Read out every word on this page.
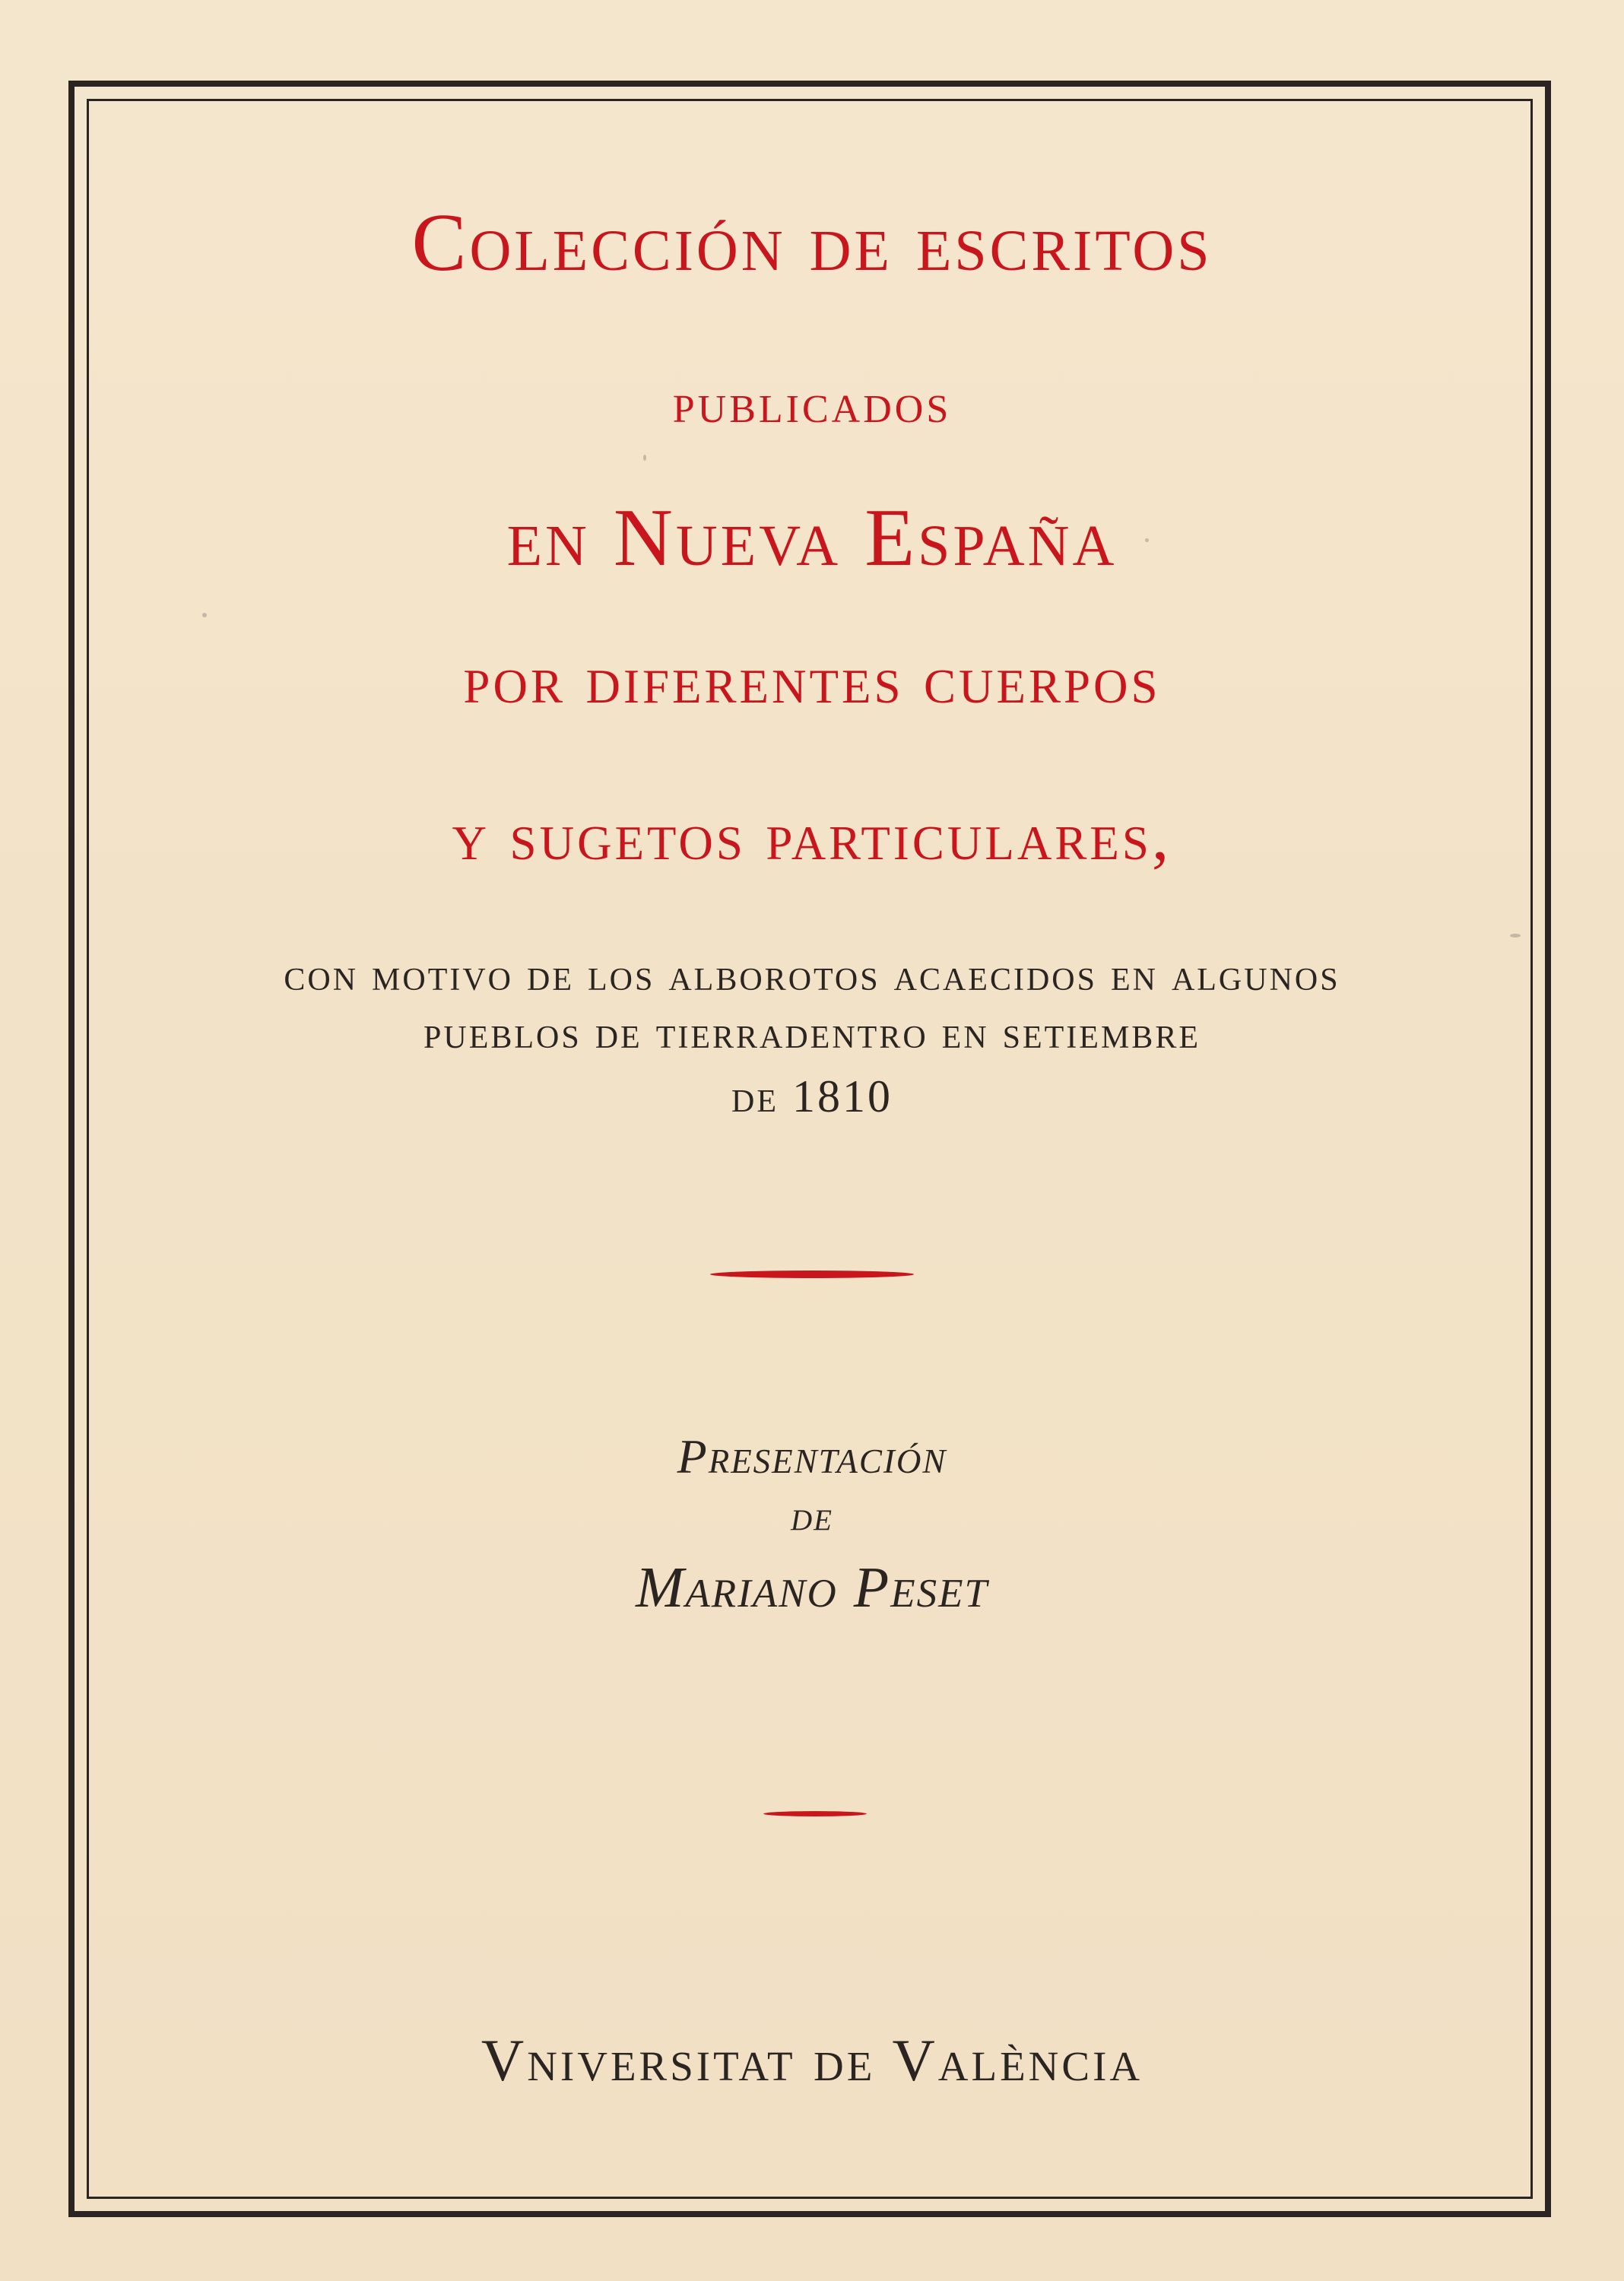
Colección de escritos
publicados
en Nueva España
por diferentes cuerpos
y sugetos particulares,
con motivo de los alborotos acaecidos en algunos
pueblos de tierradentro en setiembre
de 1810
Presentación
de
Mariano Peset
Vniversitat de València
